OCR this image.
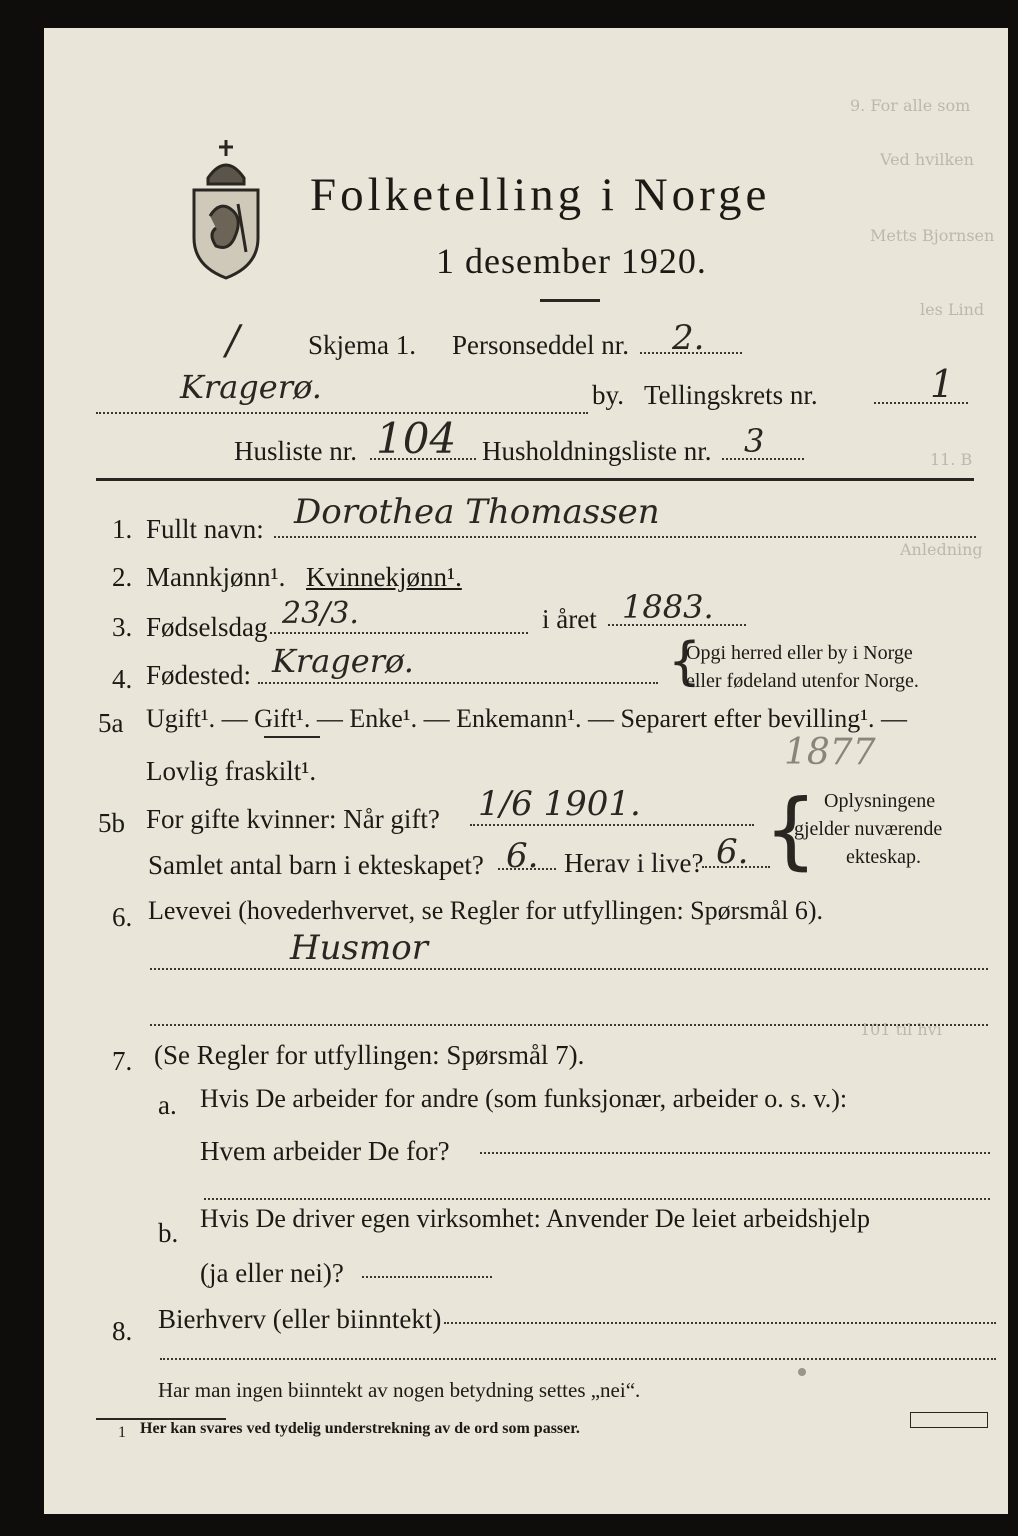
9. For alle som
Ved hvilken
Metts Bjornsen
les Lind
11. B
Anledning
101 til hvi
Folketelling i Norge
1 desember 1920.
/	Skjema 1. Personseddel nr. 2.
Kragerø.	by. Tellingskrets nr.	1
Husliste nr. 104 Husholdningsliste nr. 3
1. Fullt navn: Dorothea Thomassen
2. Mannkjønn¹. Kvinnekjønn¹.
3. Fødselsdag 23/3.	i året 1883.
4. Fødested: Kragerø.	{
Opgi herred eller by i Norge
eller fødeland utenfor Norge.
5a Ugift¹. — Gift¹. — Enke¹. — Enkemann¹. — Separert efter bevilling¹. —
Lovlig fraskilt¹.	1877
5b For gifte kvinner: Når gift? 1/6 1901.
Samlet antal barn i ekteskapet? 6. Herav i live? 6. { Oplysningene
gjelder nuværende
ekteskap.
6. Levevei (hovederhvervet, se Regler for utfyllingen: Spørsmål 6).
Husmor
7. (Se Regler for utfyllingen: Spørsmål 7).
a. Hvis De arbeider for andre (som funksjonær, arbeider o. s. v.):
Hvem arbeider De for?
b. Hvis De driver egen virksomhet: Anvender De leiet arbeidshjelp
(ja eller nei)?
8. Bierhverv (eller biinntekt)
Har man ingen biinntekt av nogen betydning settes „nei“.
1 Her kan svares ved tydelig understrekning av de ord som passer.
